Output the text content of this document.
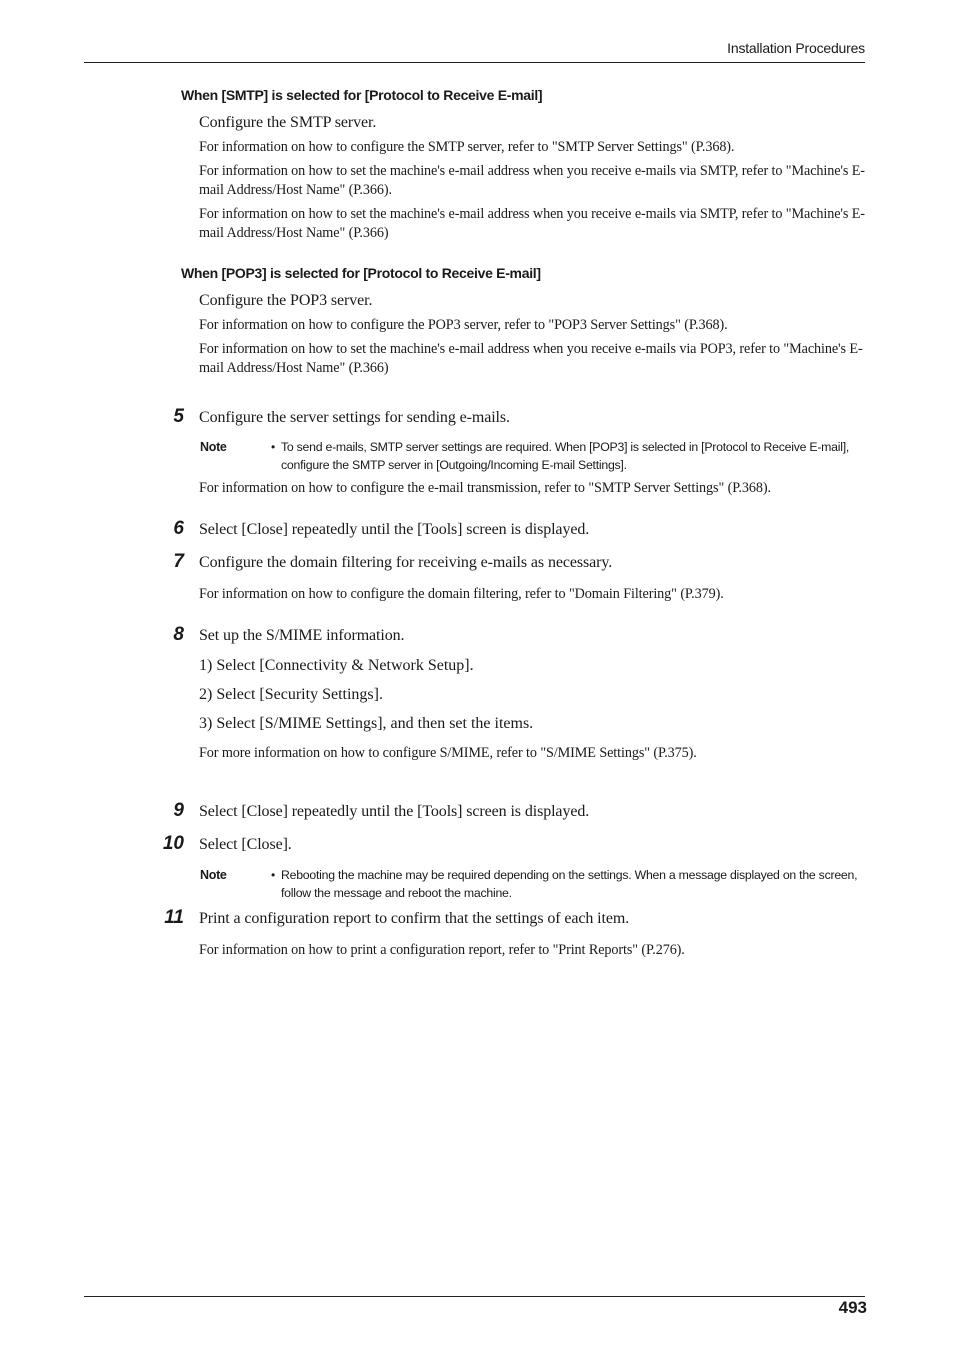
Installation Procedures
When [SMTP] is selected for [Protocol to Receive E-mail]
Configure the SMTP server.
For information on how to configure the SMTP server, refer to "SMTP Server Settings" (P.368).
For information on how to set the machine's e-mail address when you receive e-mails via SMTP, refer to "Machine's E-mail Address/Host Name" (P.366).
For information on how to set the machine's e-mail address when you receive e-mails via SMTP, refer to "Machine's E-mail Address/Host Name" (P.366)
When [POP3] is selected for [Protocol to Receive E-mail]
Configure the POP3 server.
For information on how to configure the POP3 server, refer to "POP3 Server Settings" (P.368).
For information on how to set the machine's e-mail address when you receive e-mails via POP3, refer to "Machine's E-mail Address/Host Name" (P.366)
5 Configure the server settings for sending e-mails.
Note	• To send e-mails, SMTP server settings are required. When [POP3] is selected in [Protocol to Receive E-mail], configure the SMTP server in [Outgoing/Incoming E-mail Settings].
For information on how to configure the e-mail transmission, refer to "SMTP Server Settings" (P.368).
6 Select [Close] repeatedly until the [Tools] screen is displayed.
7 Configure the domain filtering for receiving e-mails as necessary.
For information on how to configure the domain filtering, refer to "Domain Filtering" (P.379).
8 Set up the S/MIME information.
1) Select [Connectivity & Network Setup].
2) Select [Security Settings].
3) Select [S/MIME Settings], and then set the items.
For more information on how to configure S/MIME, refer to "S/MIME Settings" (P.375).
9 Select [Close] repeatedly until the [Tools] screen is displayed.
10 Select [Close].
Note	• Rebooting the machine may be required depending on the settings. When a message displayed on the screen, follow the message and reboot the machine.
11 Print a configuration report to confirm that the settings of each item.
For information on how to print a configuration report, refer to "Print Reports" (P.276).
493
